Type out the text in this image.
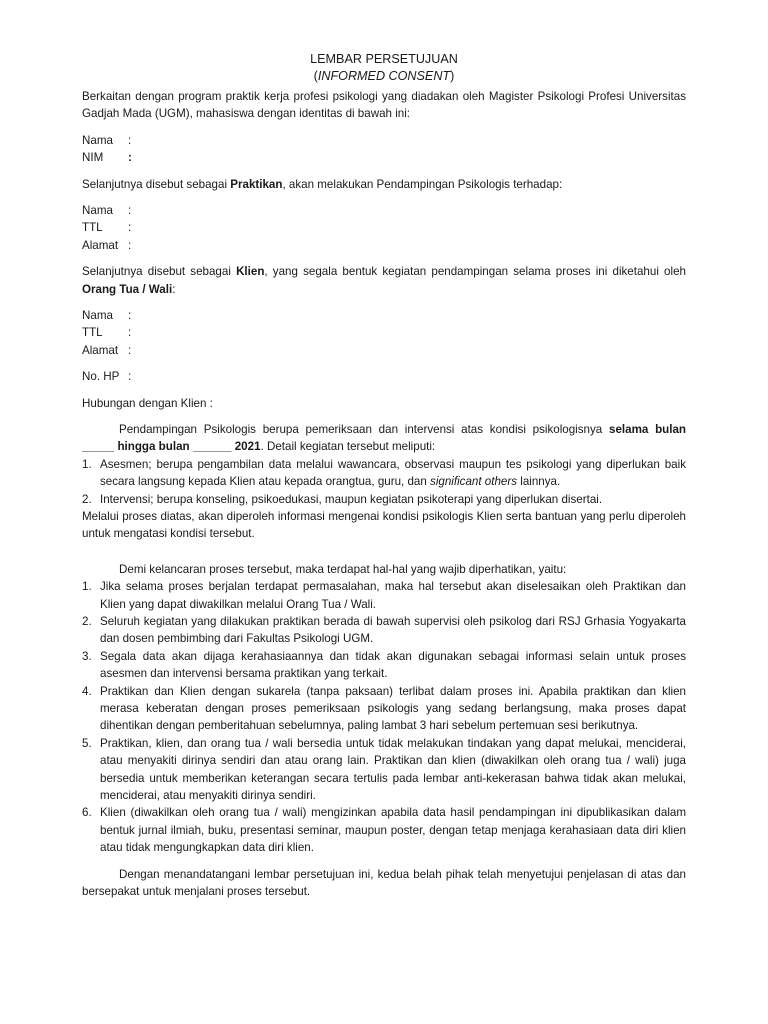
LEMBAR PERSETUJUAN

(INFORMED CONSENT)

Berkaitan dengan program praktik kerja profesi psikologi yang diadakan oleh Magister Psikologi Profesi Universitas Gadjah Mada (UGM), mahasiswa dengan identitas di bawah ini:

Nama	:
NIM	:

Selanjutnya disebut sebagai Praktikan, akan melakukan Pendampingan Psikologis terhadap:

Nama	:
TTL	:
Alamat :

Selanjutnya disebut sebagai Klien, yang segala bentuk kegiatan pendampingan selama proses ini diketahui oleh Orang Tua / Wali:

Nama	:
TTL	:
Alamat :
No. HP :

Hubungan dengan Klien :

Pendampingan Psikologis berupa pemeriksaan dan intervensi atas kondisi psikologisnya selama bulan _____ hingga bulan ______ 2021. Detail kegiatan tersebut meliputi:

1. Asesmen; berupa pengambilan data melalui wawancara, observasi maupun tes psikologi yang diperlukan baik secara langsung kepada Klien atau kepada orangtua, guru, dan significant others lainnya.
2. Intervensi; berupa konseling, psikoedukasi, maupun kegiatan psikoterapi yang diperlukan disertai.

Melalui proses diatas, akan diperoleh informasi mengenai kondisi psikologis Klien serta bantuan yang perlu diperoleh untuk mengatasi kondisi tersebut.

Demi kelancaran proses tersebut, maka terdapat hal-hal yang wajib diperhatikan, yaitu:

1. Jika selama proses berjalan terdapat permasalahan, maka hal tersebut akan diselesaikan oleh Praktikan dan Klien yang dapat diwakilkan melalui Orang Tua / Wali.
2. Seluruh kegiatan yang dilakukan praktikan berada di bawah supervisi oleh psikolog dari RSJ Grhasia Yogyakarta dan dosen pembimbing dari Fakultas Psikologi UGM.
3. Segala data akan dijaga kerahasiaannya dan tidak akan digunakan sebagai informasi selain untuk proses asesmen dan intervensi bersama praktikan yang terkait.
4. Praktikan dan Klien dengan sukarela (tanpa paksaan) terlibat dalam proses ini. Apabila praktikan dan klien merasa keberatan dengan proses pemeriksaan psikologis yang sedang berlangsung, maka proses dapat dihentikan dengan pemberitahuan sebelumnya, paling lambat 3 hari sebelum pertemuan sesi berikutnya.
5. Praktikan, klien, dan orang tua / wali bersedia untuk tidak melakukan tindakan yang dapat melukai, menciderai, atau menyakiti dirinya sendiri dan atau orang lain. Praktikan dan klien (diwakilkan oleh orang tua / wali) juga bersedia untuk memberikan keterangan secara tertulis pada lembar anti-kekerasan bahwa tidak akan melukai, menciderai, atau menyakiti dirinya sendiri.
6. Klien (diwakilkan oleh orang tua / wali) mengizinkan apabila data hasil pendampingan ini dipublikasikan dalam bentuk jurnal ilmiah, buku, presentasi seminar, maupun poster, dengan tetap menjaga kerahasiaan data diri klien atau tidak mengungkapkan data diri klien.

Dengan menandatangani lembar persetujuan ini, kedua belah pihak telah menyetujui penjelasan di atas dan bersepakat untuk menjalani proses tersebut.
